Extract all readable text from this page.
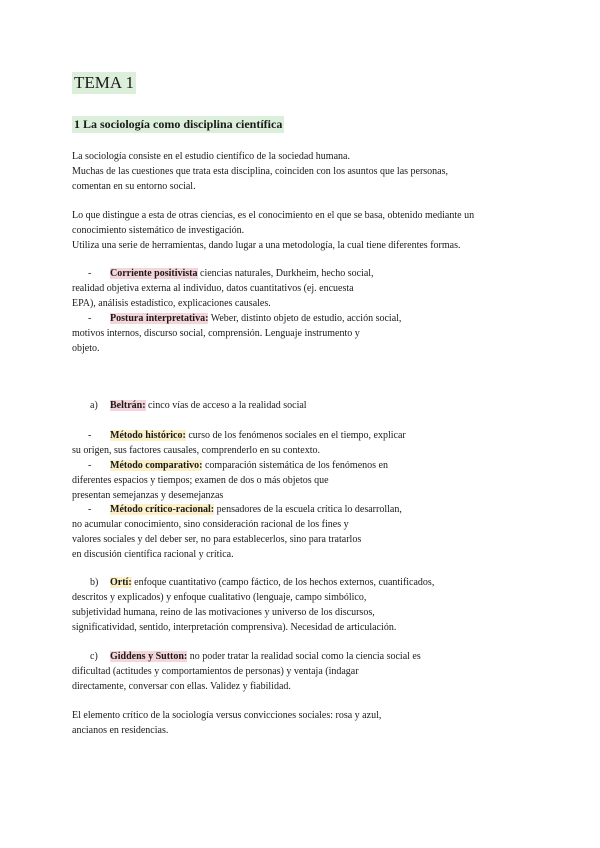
TEMA 1
1 La sociología como disciplina científica
La sociología consiste en el estudio científico de la sociedad humana.
Muchas de las cuestiones que trata esta disciplina, coinciden con los asuntos que las personas,
comentan en su entorno social.
Lo que distingue a esta de otras ciencias, es el conocimiento en el que se basa, obtenido mediante un
conocimiento sistemático de investigación.
Utiliza una serie de herramientas, dando lugar a una metodología, la cual tiene diferentes formas.
- Corriente positivista ciencias naturales, Durkheim, hecho social,
realidad objetiva externa al individuo, datos cuantitativos (ej. encuesta
EPA), análisis estadístico, explicaciones causales.
- Postura interpretativa: Weber, distinto objeto de estudio, acción social,
motivos internos, discurso social, comprensión. Lenguaje instrumento y
objeto.
a) Beltrán: cinco vías de acceso a la realidad social
- Método histórico: curso de los fenómenos sociales en el tiempo, explicar
su origen, sus factores causales, comprenderlo en su contexto.
- Método comparativo: comparación sistemática de los fenómenos en
diferentes espacios y tiempos; examen de dos o más objetos que
presentan semejanzas y desemejanzas
- Método crítico-racional: pensadores de la escuela crítica lo desarrollan,
no acumular conocimiento, sino consideración racional de los fines y
valores sociales y del deber ser, no para establecerlos, sino para tratarlos
en discusión científica racional y crítica.
b) Ortí: enfoque cuantitativo (campo fáctico, de los hechos externos, cuantificados,
descritos y explicados) y enfoque cualitativo (lenguaje, campo simbólico,
subjetividad humana, reino de las motivaciones y universo de los discursos,
significatividad, sentido, interpretación comprensiva). Necesidad de articulación.
c) Giddens y Sutton: no poder tratar la realidad social como la ciencia social es
dificultad (actitudes y comportamientos de personas) y ventaja (indagar
directamente, conversar con ellas. Validez y fiabilidad.
El elemento crítico de la sociología versus convicciones sociales: rosa y azul,
ancianos en residencias.
